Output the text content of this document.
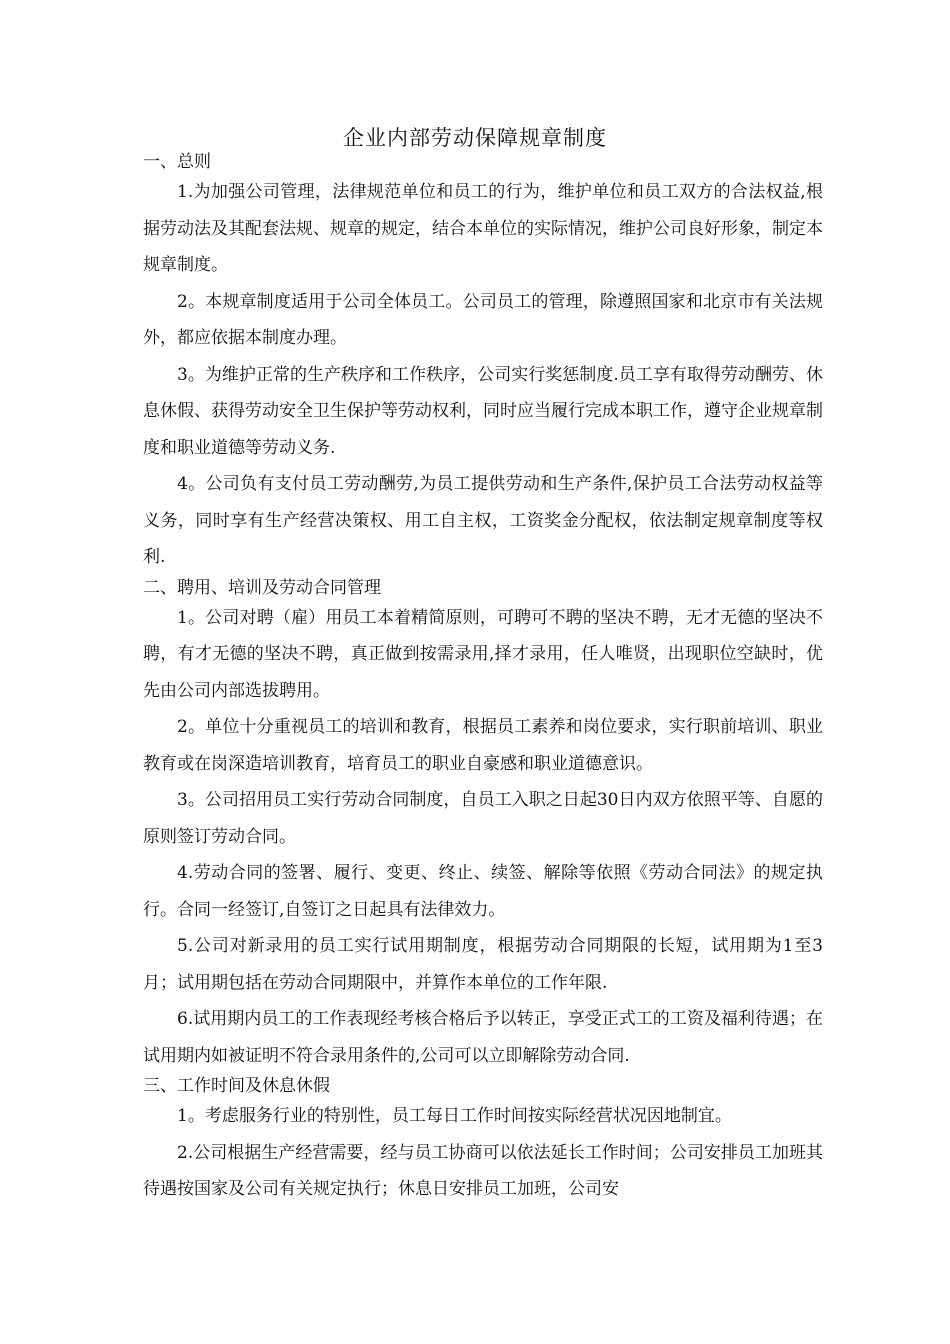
企业内部劳动保障规章制度
一、总则

1.为加强公司管理，法律规范单位和员工的行为，维护单位和员工双方的合法权益,根据劳动法及其配套法规、规章的规定，结合本单位的实际情况，维护公司良好形象，制定本规章制度。

2。本规章制度适用于公司全体员工。公司员工的管理，除遵照国家和北京市有关法规外，都应依据本制度办理。

3。为维护正常的生产秩序和工作秩序，公司实行奖惩制度.员工享有取得劳动酬劳、休息休假、获得劳动安全卫生保护等劳动权利，同时应当履行完成本职工作，遵守企业规章制度和职业道德等劳动义务.

4。公司负有支付员工劳动酬劳,为员工提供劳动和生产条件,保护员工合法劳动权益等义务，同时享有生产经营决策权、用工自主权，工资奖金分配权，依法制定规章制度等权利.

二、聘用、培训及劳动合同管理

1。公司对聘（雇）用员工本着精简原则，可聘可不聘的坚决不聘，无才无德的坚决不聘，有才无德的坚决不聘，真正做到按需录用,择才录用，任人唯贤，出现职位空缺时，优先由公司内部选拔聘用。

2。单位十分重视员工的培训和教育，根据员工素养和岗位要求，实行职前培训、职业教育或在岗深造培训教育，培育员工的职业自豪感和职业道德意识。

3。公司招用员工实行劳动合同制度，自员工入职之日起30日内双方依照平等、自愿的原则签订劳动合同。

4.劳动合同的签署、履行、变更、终止、续签、解除等依照《劳动合同法》的规定执行。合同一经签订,自签订之日起具有法律效力。

5.公司对新录用的员工实行试用期制度，根据劳动合同期限的长短，试用期为1至3月；试用期包括在劳动合同期限中，并算作本单位的工作年限.

6.试用期内员工的工作表现经考核合格后予以转正，享受正式工的工资及福利待遇；在试用期内如被证明不符合录用条件的,公司可以立即解除劳动合同.

三、工作时间及休息休假

1。考虑服务行业的特别性，员工每日工作时间按实际经营状况因地制宜。

2.公司根据生产经营需要，经与员工协商可以依法延长工作时间；公司安排员工加班其待遇按国家及公司有关规定执行；休息日安排员工加班，公司安
